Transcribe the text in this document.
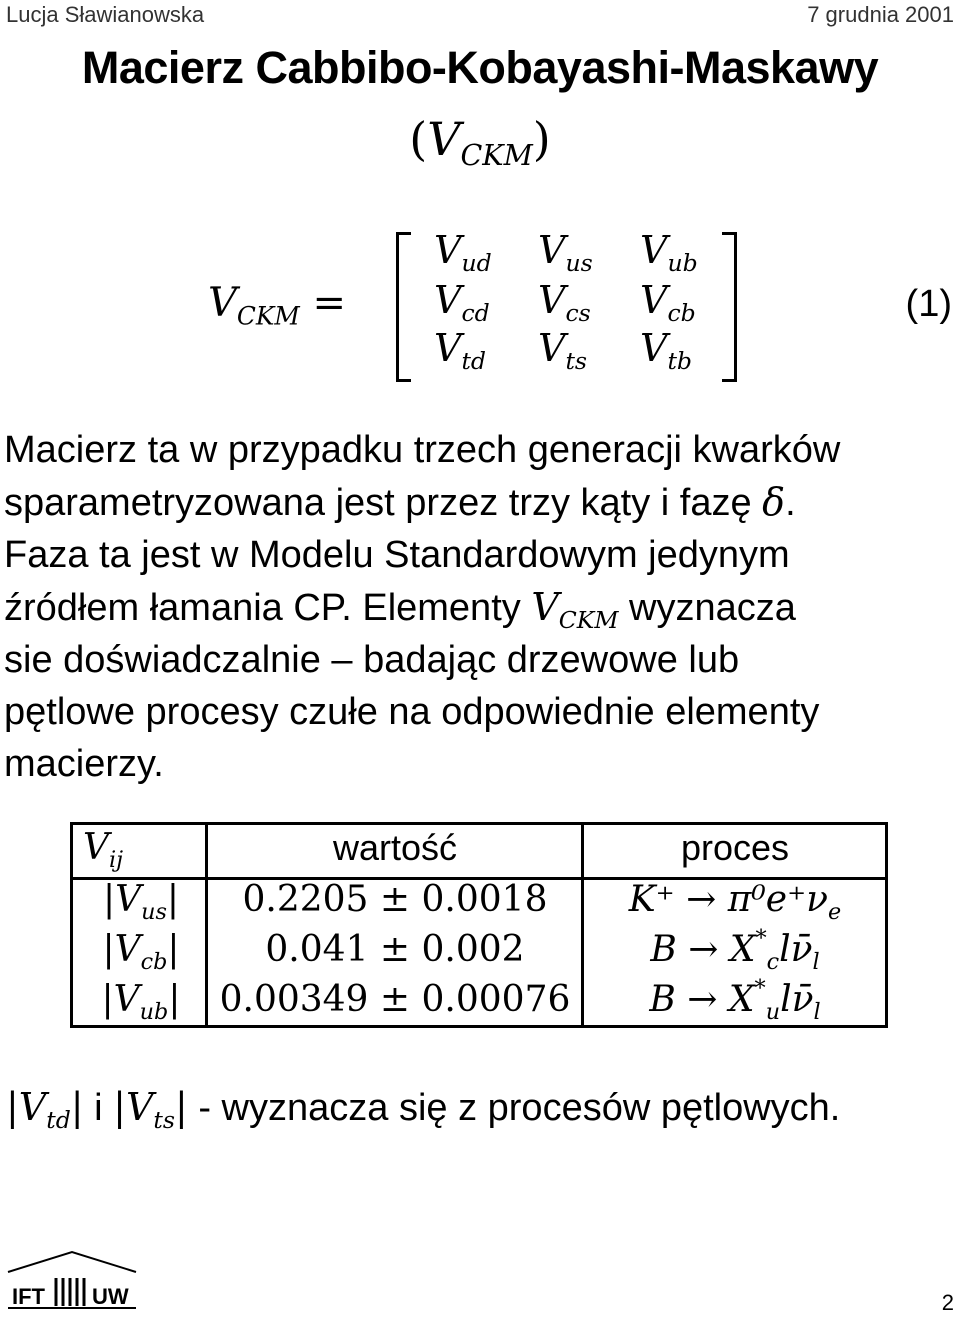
Lucja Sławianowska	7 grudnia 2001
Macierz Cabbibo-Kobayashi-Maskawy
$(V_{CKM})$
$V_{CKM}$ =
$V_{ud}$ $V_{us}$ $V_{ub}$
$V_{cd}$ $V_{cs}$ $V_{cb}$
$V_{td}$ $V_{ts}$ $V_{tb}$
(1)
Macierz ta w przypadku trzech generacji kwarków
sparametryzowana jest przez trzy kąty i fazę δ.
Faza ta jest w Modelu Standardowym jedynym
źródłem łamania CP. Elementy $V_{CKM}$ wyznacza
sie doświadczalnie – badając drzewowe lub
pętlowe procesy czułe na odpowiednie elementy
macierzy.
$V_{ij}$	wartość	proces
$|V_{us}|$	0.2205 ± 0.0018	$K^+ \to \pi^0e^+\nu_e$
$|V_{cb}|$	0.041 ± 0.002	$B \to X^*_cl\nū_l$
$|V_{ub}|$	0.00349 ± 0.00076	$B \to X^*_ul\nū_l$
$|V_{td}|$ i $|V_{ts}|$ - wyznacza się z procesów pętlowych.
IFT UW	2
